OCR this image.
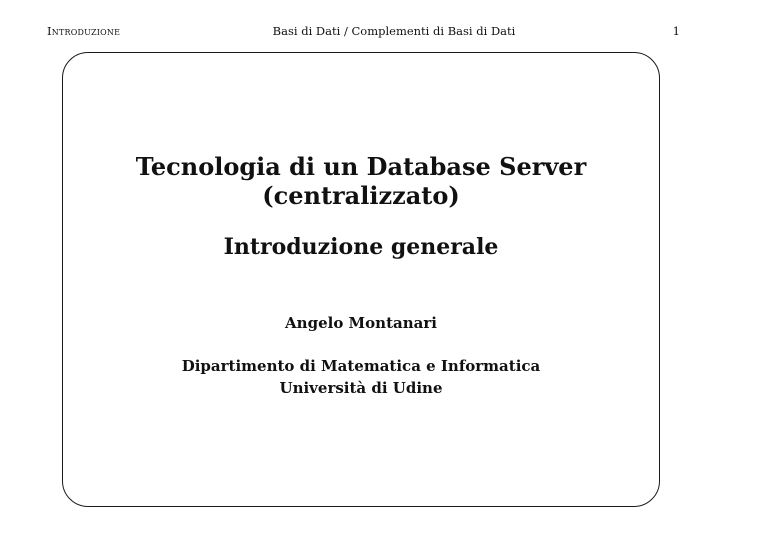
Introduzione	Basi di Dati / Complementi di Basi di Dati	1
Tecnologia di un Database Server
(centralizzato)
Introduzione generale
Angelo Montanari
Dipartimento di Matematica e Informatica
Università di Udine
